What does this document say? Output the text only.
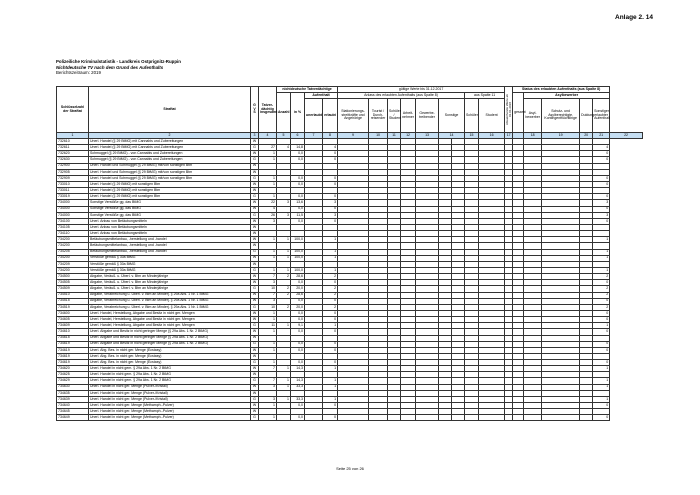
Anlage 2. 14
Polizeiliche Kriminalstatistik - Landkreis Ostprignitz-Ruppin
Nichtdeutsche TV nach dem Grund des Aufenthalts
Berichtszeitraum: 2019
Schlüsselzahl der Straftat	Straftat	G
V
S	Tatver-dächtig insgesamt	nichtdeutsche Tatverdächtige				gültige Werte bis 31.12.2017									Abweichende Werte ab 01.01.2018	Status des erlaubten Aufenthalts (aus Spalte 8)					
				Anzahl	in %	Aufenthalt		Anlass des erlaubten Aufenthalts (aus Spalte 8)							aus Spalte 11			gesamt	Asylbewerber				
						unerlaubt	erlaubt	Stationierungs-streitkräfte und Angehörige	Tourist / Durch-reisender	Schüler / Student	Arbeit-nehmer	Gewerbe-treibender	Sonstige		Schüler	Student			Asyl-bewerber	Schutz- und Asylberechtigte, Kontingentflüchtlinge	Duldung	Sonstiger erlaubter Aufenthalt	
1	2	3	4	5	6	7	8	9	10	11	12	13	14		15	16	17		18	19	20	21	22
732610	Unerl. Handel (§ 29 BtMG) mit Cannabis und Zubereitungen	W																					
732611	Unerl. Handel (§ 29 BtMG) mit Cannabis und Zubereitungen	G	27	4	14,8		4															4	
732620	Schmuggel (§ 29 BtMG) - von Cannabis und Zubereitungen	W	1		0,0		0															0	
732630	Schmuggel (§ 29 BtMG) - von Cannabis und Zubereitungen	G	1		0,0		0															0	
732900	Unerl. Handel und Schmuggel (§ 29 BtMG) mit/von sonstigen Btm	W																					
732905	Unerl. Handel und Schmuggel (§ 29 BtMG) mit/von sonstigen Btm	W																					
732909	Unerl. Handel und Schmuggel (§ 29 BtMG) mit/von sonstigen Btm	G	1		0,0		0															0	
733010	Unerl. Handel (§ 29 BtMG) mit sonstigen Btm	W	1		0,0		0															0	
733011	Unerl. Handel (§ 29 BtMG) mit sonstigen Btm	W																					
733019	Unerl. Handel (§ 29 BtMG) mit sonstigen Btm	G	1		0,0		0															0	
734000	Sonstige Verstöße gg. das BtMG	W	22	3	13,6		3															3	
734000	Sonstige Verstöße gg. das BtMG	W	4		0,0		0															0	
734000	Sonstige Verstöße gg. das BtMG	G	26	3	11,5		3															3	
734100	Unerl. Anbau von Betäubungsmitteln	W	3		0,0		0															0	
734105	Unerl. Anbau von Betäubungsmitteln	W																					
734110	Unerl. Anbau von Betäubungsmitteln	W																					
734200	Betäubungsmittelanbau, -herstellung und -handel	W	1	1	100,0		1															1	
734200	Betäubungsmittelanbau, -herstellung und -handel	W																					
734205	Betäubungsmittelanbau, -herstellung und -handel	G	1	1	100,0		1															1	
734200	Verstöße gemäß § 30a BtMG	W	1	1	100,0		1															1	
734209	Verstöße gemäß § 30a BtMG	W																					
734200	Verstöße gemäß § 30a BtMG	G	1	1	100,0		1															1	
734500	Abgabe, Veräuß. u. Überl. v. Btm an Minderjährige	W	7	2	28,6		2															2	
734505	Abgabe, Veräuß. u. Überl. v. Btm an Minderjährige	W	3		0,0		0															0	
734509	Abgabe, Veräuß. u. Überl. v. Btm an Minderjährige	G	10	2	20,0		2															2	
734510	Abgabe, Verabreichung u. Überl. v. Btm an Minderj. § 29a Abs. 1 Nr. 1 BtMG	W	7	2	28,6		2															2	
734515	Abgabe, Verabreichung u. Überl. v. Btm an Minderj. § 29a Abs. 1 Nr. 1 BtMG	W	3		0,0		0															0	
734519	Abgabe, Verabreichung u. Überl. v. Btm an Minderj. § 29a Abs. 1 Nr. 1 BtMG	G	10	2	20,0		2															2	
734600	Unerl. Handel, Herstellung, Abgabe und Besitz in nicht ger. Mengen	W	1		0,0		0															0	
734605	Unerl. Handel, Herstellung, Abgabe und Besitz in nicht ger. Mengen	W	1		0,0		0															0	
734609	Unerl. Handel, Herstellung, Abgabe und Besitz in nicht ger. Mengen	G	11	1	9,1		1															1	
734610	Unerl. Abgabe und Besitz in nicht geringer Menge (§ 29a Abs. 1 Nr. 2 BtMG)	W	1		0,0		0															0	
734615	Unerl. Abgabe und Besitz in nicht geringer Menge (§ 29a Abs. 1 Nr. 2 BtMG)	W																					
734619	Unerl. Abgabe und Besitz in nicht geringer Menge (§ 29a Abs. 1 Nr. 2 BtMG)	G	1		0,0		0															0	
734619	Unerl. Abg. Bes. in nicht ger. Menge (Ecstasy)	W	1		0,0		0															0	
734619	Unerl. Abg. Bes. in nicht ger. Menge (Ecstasy)	W																					
734619	Unerl. Abg. Bes. in nicht ger. Menge (Ecstasy)	G	1		0,0		0															0	
734620	Unerl. Handel in nicht gem. § 29a Abs. 1 Nr. 2 BtMG	W	7	1	14,3		1															1	
734625	Unerl. Handel in nicht gem. § 29a Abs. 1 Nr. 2 BtMG	W																					
734629	Unerl. Handel in nicht gem. § 29a Abs. 1 Nr. 2 BtMG	G	7	1	14,3		1															1	
734630	Unerl. Handel in nicht ger. Menge (Pulver-/Kristall)	W	3	1	33,3		1															1	
734635	Unerl. Handel in nicht ger. Menge (Pulver-/Kristall)	W																					
734639	Unerl. Handel in nicht ger. Menge (Pulver-/Kristall)	G	3	1	33,3		1															1	
734640	Unerl. Handel in nicht ger. Menge (Methamph.-Pulver)	W	1		0,0		0															0	
734645	Unerl. Handel in nicht ger. Menge (Methamph.-Pulver)	W																					
734649	Unerl. Handel in nicht ger. Menge (Methamph.-Pulver)	G	1		0,0		0															0	
Seite 25 von 26
